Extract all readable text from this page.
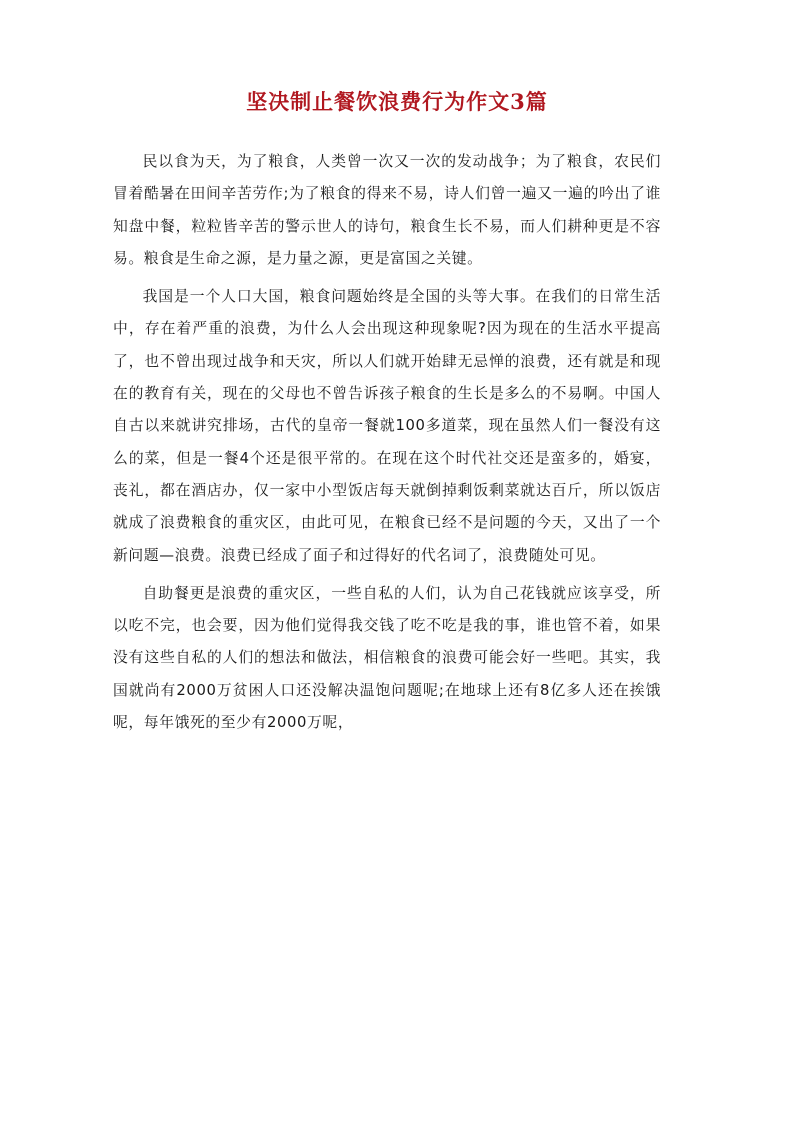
坚决制止餐饮浪费行为作文3篇

民以食为天，为了粮食，人类曾一次又一次的发动战争；为了粮食，农民们冒着酷暑在田间辛苦劳作;为了粮食的得来不易，诗人们曾一遍又一遍的吟出了谁知盘中餐，粒粒皆辛苦的警示世人的诗句，粮食生长不易，而人们耕种更是不容易。粮食是生命之源，是力量之源，更是富国之关键。

我国是一个人口大国，粮食问题始终是全国的头等大事。在我们的日常生活中，存在着严重的浪费，为什么人会出现这种现象呢?因为现在的生活水平提高了，也不曾出现过战争和天灾，所以人们就开始肆无忌惮的浪费，还有就是和现在的教育有关，现在的父母也不曾告诉孩子粮食的生长是多么的不易啊。中国人自古以来就讲究排场，古代的皇帝一餐就100多道菜，现在虽然人们一餐没有这么的菜，但是一餐4个还是很平常的。在现在这个时代社交还是蛮多的，婚宴，丧礼，都在酒店办，仅一家中小型饭店每天就倒掉剩饭剩菜就达百斤，所以饭店就成了浪费粮食的重灾区，由此可见，在粮食已经不是问题的今天，又出了一个新问题—浪费。浪费已经成了面子和过得好的代名词了，浪费随处可见。

自助餐更是浪费的重灾区，一些自私的人们，认为自己花钱就应该享受，所以吃不完，也会要，因为他们觉得我交钱了吃不吃是我的事，谁也管不着，如果没有这些自私的人们的想法和做法，相信粮食的浪费可能会好一些吧。其实，我国就尚有2000万贫困人口还没解决温饱问题呢;在地球上还有8亿多人还在挨饿呢，每年饿死的至少有2000万呢，
